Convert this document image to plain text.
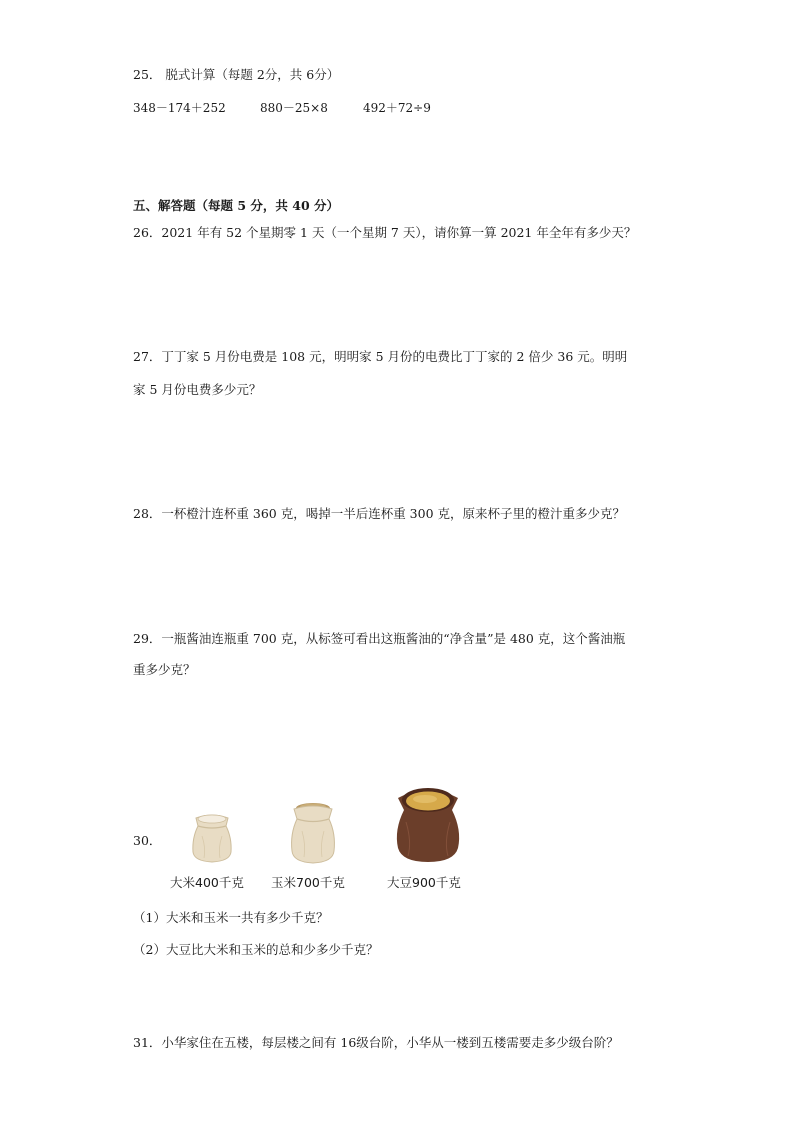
25． 脱式计算（每题 2分，共 6分）
348－174＋252	880－25×8	492＋72÷9
五、解答题（每题 5 分，共 40 分）
26．2021 年有 52 个星期零 1 天（一个星期 7 天），请你算一算 2021 年全年有多少天？
27．丁丁家 5 月份电费是 108 元，明明家 5 月份的电费比丁丁家的 2 倍少 36 元。明明
家 5 月份电费多少元？
28．一杯橙汁连杯重 360 克，喝掉一半后连杯重 300 克，原来杯子里的橙汁重多少克？
29．一瓶酱油连瓶重 700 克，从标签可看出这瓶酱油的“净含量”是 480 克，这个酱油瓶
重多少克？
30．
大米400千克 玉米700千克	大豆900千克
（1）大米和玉米一共有多少千克？
（2）大豆比大米和玉米的总和少多少千克？
31．小华家住在五楼，每层楼之间有 16级台阶，小华从一楼到五楼需要走多少级台阶？
